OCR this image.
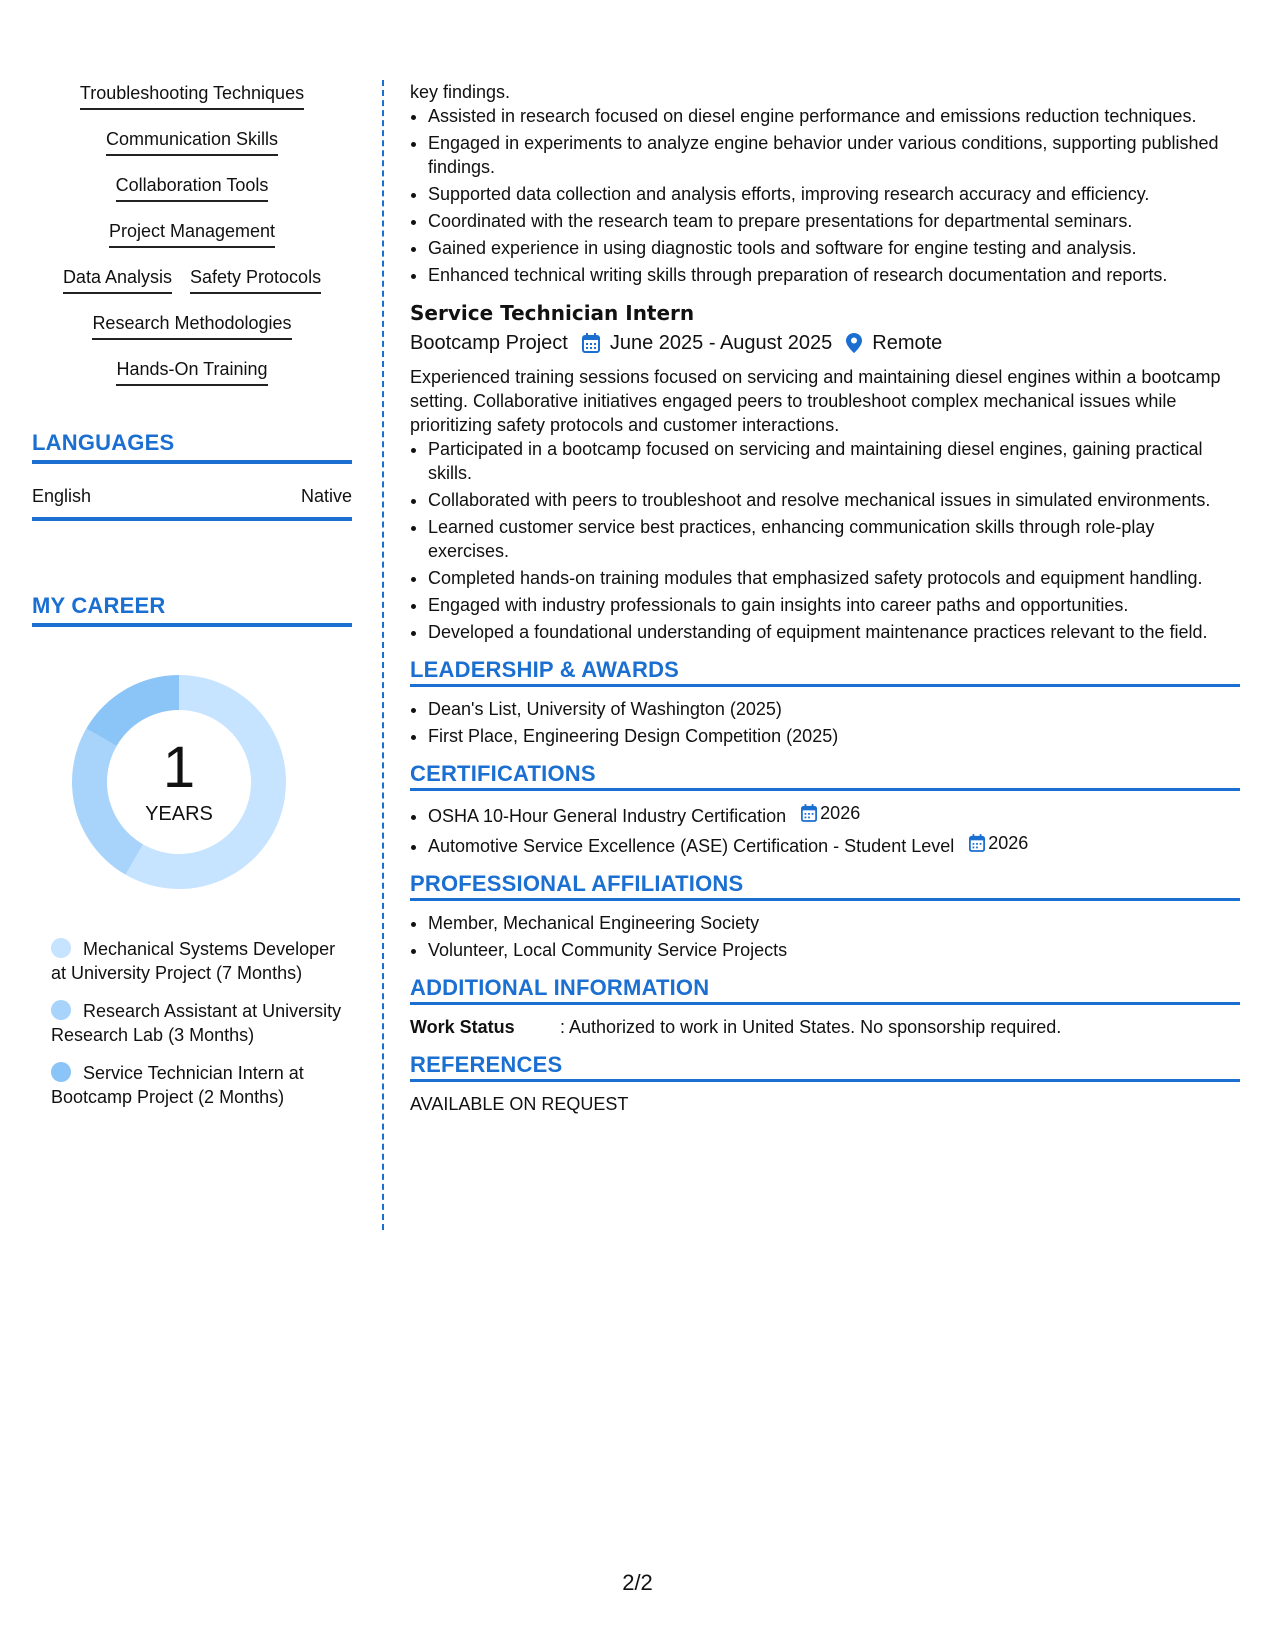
Troubleshooting Techniques
Communication Skills
Collaboration Tools
Project Management
Data Analysis Safety Protocols
Research Methodologies
Hands-On Training
LANGUAGES
English	Native
MY CAREER
1
YEARS
Mechanical Systems Developer at University Project (7 Months)
Research Assistant at University Research Lab (3 Months)
Service Technician Intern at Bootcamp Project (2 Months)
key findings.
• Assisted in research focused on diesel engine performance and emissions reduction techniques.
• Engaged in experiments to analyze engine behavior under various conditions, supporting published findings.
• Supported data collection and analysis efforts, improving research accuracy and efficiency.
• Coordinated with the research team to prepare presentations for departmental seminars.
• Gained experience in using diagnostic tools and software for engine testing and analysis.
• Enhanced technical writing skills through preparation of research documentation and reports.
Service Technician Intern
Bootcamp Project June 2025 - August 2025 Remote
Experienced training sessions focused on servicing and maintaining diesel engines within a bootcamp setting. Collaborative initiatives engaged peers to troubleshoot complex mechanical issues while prioritizing safety protocols and customer interactions.
• Participated in a bootcamp focused on servicing and maintaining diesel engines, gaining practical skills.
• Collaborated with peers to troubleshoot and resolve mechanical issues in simulated environments.
• Learned customer service best practices, enhancing communication skills through role-play exercises.
• Completed hands-on training modules that emphasized safety protocols and equipment handling.
• Engaged with industry professionals to gain insights into career paths and opportunities.
• Developed a foundational understanding of equipment maintenance practices relevant to the field.
LEADERSHIP & AWARDS
• Dean's List, University of Washington (2025)
• First Place, Engineering Design Competition (2025)
CERTIFICATIONS
• OSHA 10-Hour General Industry Certification 2026
• Automotive Service Excellence (ASE) Certification - Student Level 2026
PROFESSIONAL AFFILIATIONS
• Member, Mechanical Engineering Society
• Volunteer, Local Community Service Projects
ADDITIONAL INFORMATION
Work Status	: Authorized to work in United States. No sponsorship required.
REFERENCES
AVAILABLE ON REQUEST
2/2
